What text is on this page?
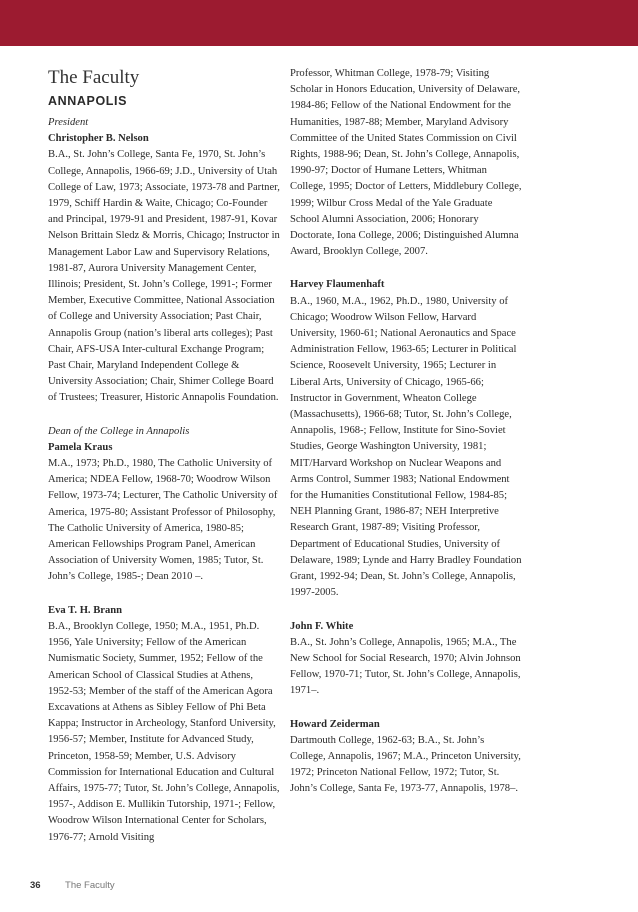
The Faculty
ANNAPOLIS

President

Christopher B. Nelson

B.A., St. John’s College, Santa Fe, 1970, St. John’s College, Annapolis, 1966-69; J.D., University of Utah College of Law, 1973; Associate, 1973-78 and Partner, 1979, Schiff Hardin & Waite, Chicago; Co-Founder and Principal, 1979-91 and President, 1987-91, Kovar Nelson Brittain Sledz & Morris, Chicago; Instructor in Management Labor Law and Supervisory Relations, 1981-87, Aurora University Management Center, Illinois; President, St. John’s College, 1991-; Former Member, Executive Committee, National Association of College and University Association; Past Chair, Annapolis Group (nation’s liberal arts colleges); Past Chair, AFS-USA Inter-cultural Exchange Program; Past Chair, Maryland Independent College & University Association; Chair, Shimer College Board of Trustees; Treasurer, Historic Annapolis Foundation.

Dean of the College in Annapolis

Pamela Kraus

M.A., 1973; Ph.D., 1980, The Catholic University of America; NDEA Fellow, 1968-70; Woodrow Wilson Fellow, 1973-74; Lecturer, The Catholic University of America, 1975-80; Assistant Professor of Philosophy, The Catholic University of America, 1980-85; American Fellowships Program Panel, American Association of University Women, 1985; Tutor, St. John’s College, 1985-; Dean 2010 –.

Eva T. H. Brann

B.A., Brooklyn College, 1950; M.A., 1951, Ph.D. 1956, Yale University; Fellow of the American Numismatic Society, Summer, 1952; Fellow of the American School of Classical Studies at Athens, 1952-53; Member of the staff of the American Agora Excavations at Athens as Sibley Fellow of Phi Beta Kappa; Instructor in Archeology, Stanford University, 1956-57; Member, Institute for Advanced Study, Princeton, 1958-59; Member, U.S. Advisory Commission for International Education and Cultural Affairs, 1975-77; Tutor, St. John’s College, Annapolis, 1957-, Addison E. Mullikin Tutorship, 1971-; Fellow, Woodrow Wilson International Center for Scholars, 1976-77; Arnold Visiting

Professor, Whitman College, 1978-79; Visiting Scholar in Honors Education, University of Delaware, 1984-86; Fellow of the National Endowment for the Humanities, 1987-88; Member, Maryland Advisory Committee of the United States Commission on Civil Rights, 1988-96; Dean, St. John’s College, Annapolis, 1990-97; Doctor of Humane Letters, Whitman College, 1995; Doctor of Letters, Middlebury College, 1999; Wilbur Cross Medal of the Yale Graduate School Alumni Association, 2006; Honorary Doctorate, Iona College, 2006; Distinguished Alumna Award, Brooklyn College, 2007.

Harvey Flaumenhaft

B.A., 1960, M.A., 1962, Ph.D., 1980, University of Chicago; Woodrow Wilson Fellow, Harvard University, 1960-61; National Aeronautics and Space Administration Fellow, 1963-65; Lecturer in Political Science, Roosevelt University, 1965; Lecturer in Liberal Arts, University of Chicago, 1965-66; Instructor in Government, Wheaton College (Massachusetts), 1966-68; Tutor, St. John’s College, Annapolis, 1968-; Fellow, Institute for Sino-Soviet Studies, George Washington University, 1981; MIT/Harvard Workshop on Nuclear Weapons and Arms Control, Summer 1983; National Endowment for the Humanities Constitutional Fellow, 1984-85; NEH Planning Grant, 1986-87; NEH Interpretive Research Grant, 1987-89; Visiting Professor, Department of Educational Studies, University of Delaware, 1989; Lynde and Harry Bradley Foundation Grant, 1992-94; Dean, St. John’s College, Annapolis, 1997-2005.

John F. White

B.A., St. John’s College, Annapolis, 1965; M.A., The New School for Social Research, 1970; Alvin Johnson Fellow, 1970-71; Tutor, St. John’s College, Annapolis, 1971–.

Howard Zeiderman

Dartmouth College, 1962-63; B.A., St. John’s College, Annapolis, 1967; M.A., Princeton University, 1972; Princeton National Fellow, 1972; Tutor, St. John’s College, Santa Fe, 1973-77, Annapolis, 1978–.

36	The Faculty
